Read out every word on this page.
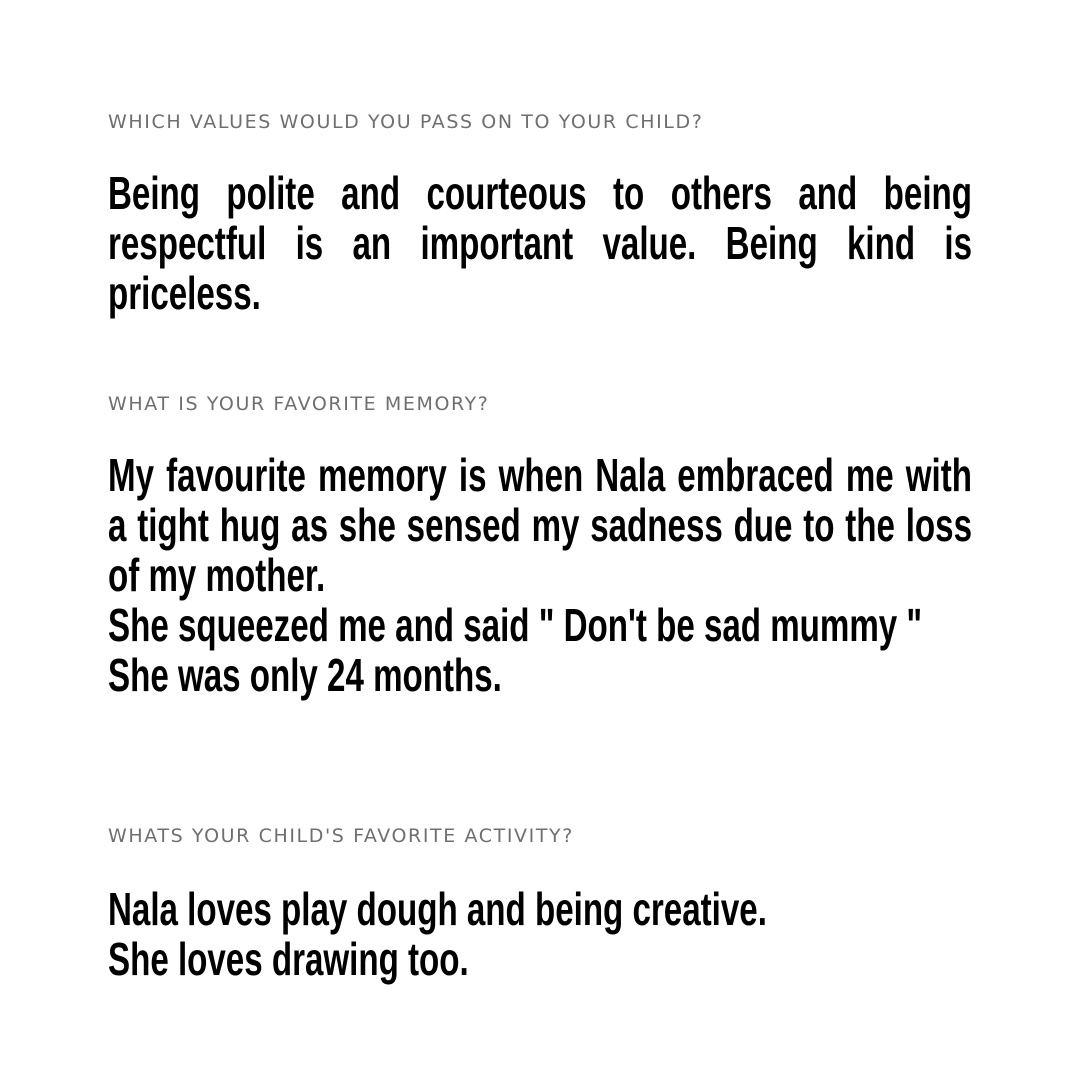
WHICH VALUES WOULD YOU PASS ON TO YOUR CHILD?

Being polite and courteous to others and being respectful is an important value. Being kind is priceless.

WHAT IS YOUR FAVORITE MEMORY?

My favourite memory is when Nala embraced me with a tight hug as she sensed my sadness due to the loss of my mother.

She squeezed me and said " Don't be sad mummy "

She was only 24 months.

WHATS YOUR CHILD'S FAVORITE ACTIVITY?

Nala loves play dough and being creative.

She loves drawing too.
